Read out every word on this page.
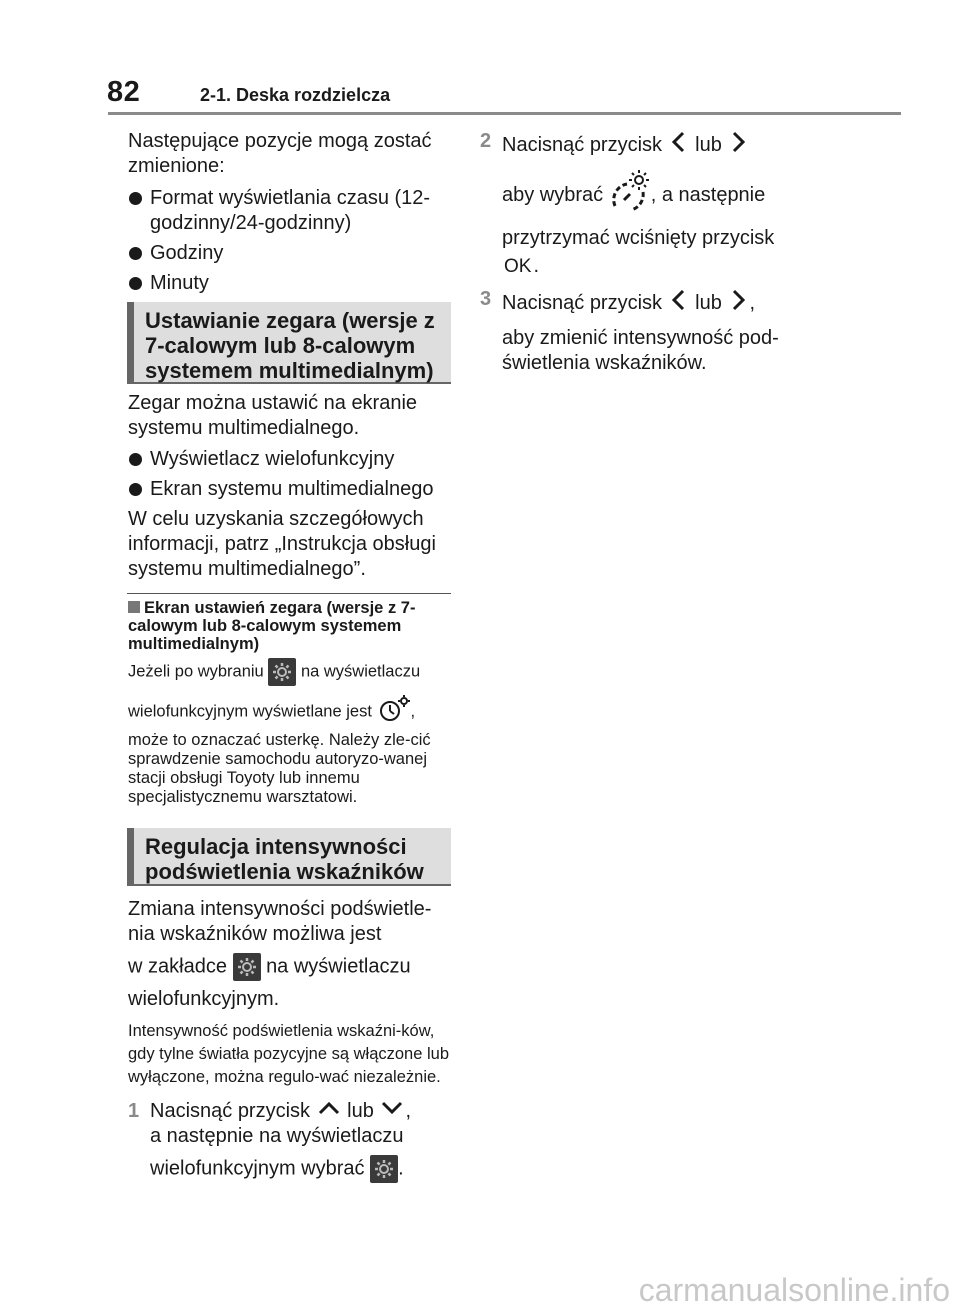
82	2-1. Deska rozdzielcza

Następujące pozycje mogą zostać zmienione:

Format wyświetlania czasu (12-godzinny/24-godzinny)
Godziny
Minuty
Ustawianie zegara (wersje z 7-calowym lub 8-calowym systemem multimedialnym)

Zegar można ustawić na ekranie systemu multimedialnego.

Wyświetlacz wielofunkcyjny
Ekran systemu multimedialnego

W celu uzyskania szczegółowych informacji, patrz „Instrukcja obsługi systemu multimedialnego”.

Ekran ustawień zegara (wersje z 7-calowym lub 8-calowym systemem multimedialnym)
Jeżeli po wybraniu na wyświetlaczu
wielofunkcyjnym wyświetlane jest ,

może to oznaczać usterkę. Należy zle-cić sprawdzenie samochodu autoryzo-wanej stacji obsługi Toyoty lub innemu specjalistycznemu warsztatowi.

Regulacja intensywności podświetlenia wskaźników

Zmiana intensywności podświetle-nia wskaźników możliwa jest

w zakładce na wyświetlaczu

wielofunkcyjnym.

Intensywność podświetlenia wskaźni-ków, gdy tylne światła pozycyjne są włączone lub wyłączone, można regulo-wać niezależnie.

1 Nacisnąć przycisk lub ,
a następnie na wyświetlaczu
wielofunkcyjnym wybrać .
2 Nacisnąć przycisk lub
aby wybrać , a następnie
przytrzymać wciśnięty przycisk
OK .
3 Nacisnąć przycisk lub ,
aby zmienić intensywność pod-świetlenia wskaźników.
carmanualsonline.info
